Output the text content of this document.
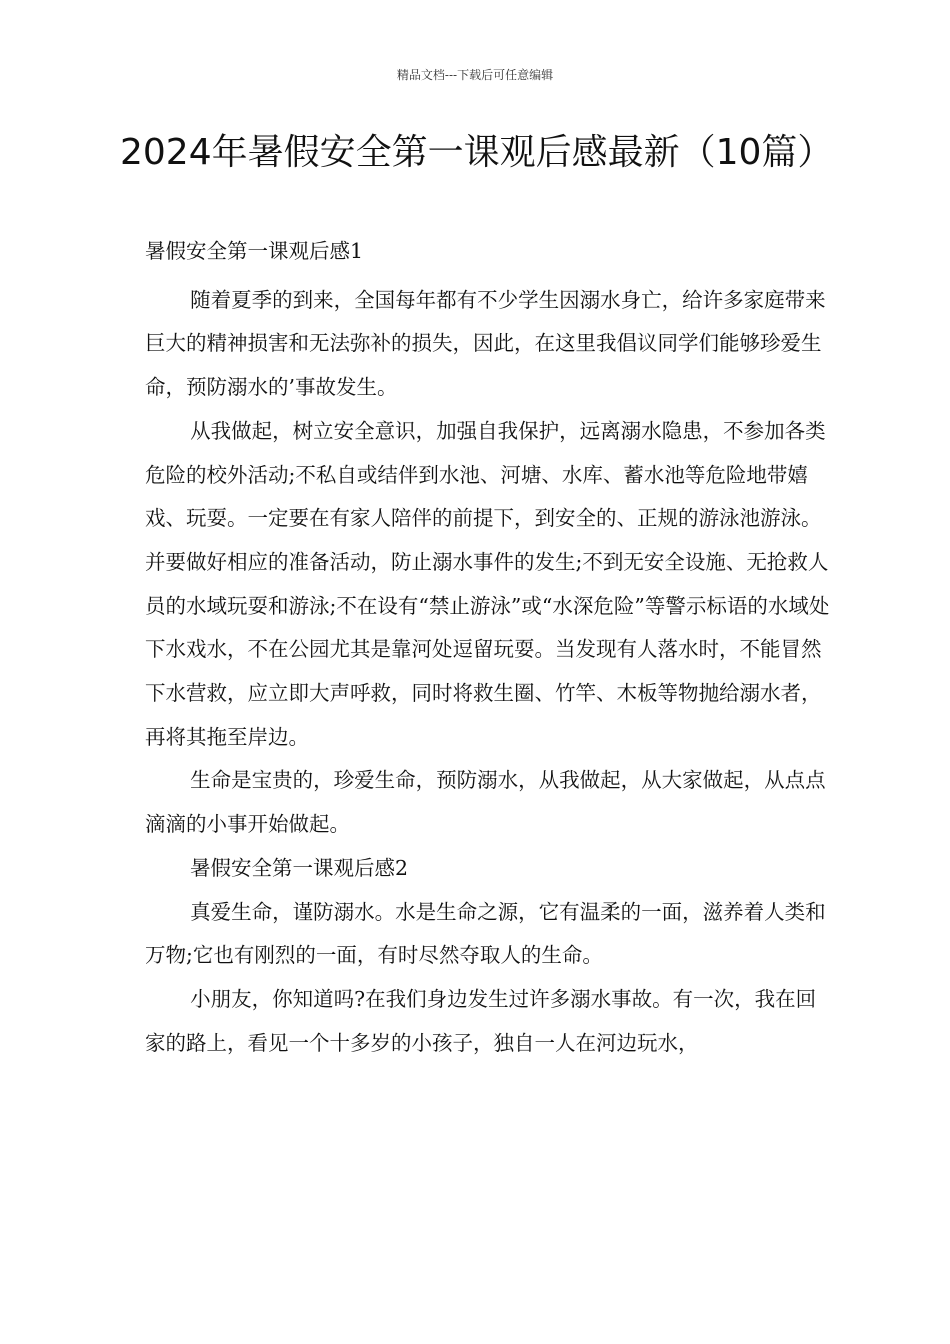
精品文档---下载后可任意编辑
2024年暑假安全第一课观后感最新（10篇）

暑假安全第一课观后感1

随着夏季的到来，全国每年都有不少学生因溺水身亡，给许多家庭带来巨大的精神损害和无法弥补的损失，因此，在这里我倡议同学们能够珍爱生命，预防溺水的’事故发生。

从我做起，树立安全意识，加强自我保护，远离溺水隐患，不参加各类危险的校外活动;不私自或结伴到水池、河塘、水库、蓄水池等危险地带嬉戏、玩耍。一定要在有家人陪伴的前提下，到安全的、正规的游泳池游泳。并要做好相应的准备活动，防止溺水事件的发生;不到无安全设施、无抢救人员的水域玩耍和游泳;不在设有“禁止游泳”或“水深危险”等警示标语的水域处下水戏水，不在公园尤其是靠河处逗留玩耍。当发现有人落水时，不能冒然下水营救，应立即大声呼救，同时将救生圈、竹竿、木板等物抛给溺水者，再将其拖至岸边。

生命是宝贵的，珍爱生命，预防溺水，从我做起，从大家做起，从点点滴滴的小事开始做起。

暑假安全第一课观后感2

真爱生命，谨防溺水。水是生命之源，它有温柔的一面，滋养着人类和万物;它也有刚烈的一面，有时尽然夺取人的生命。

小朋友，你知道吗?在我们身边发生过许多溺水事故。有一次，我在回家的路上，看见一个十多岁的小孩子，独自一人在河边玩水，
